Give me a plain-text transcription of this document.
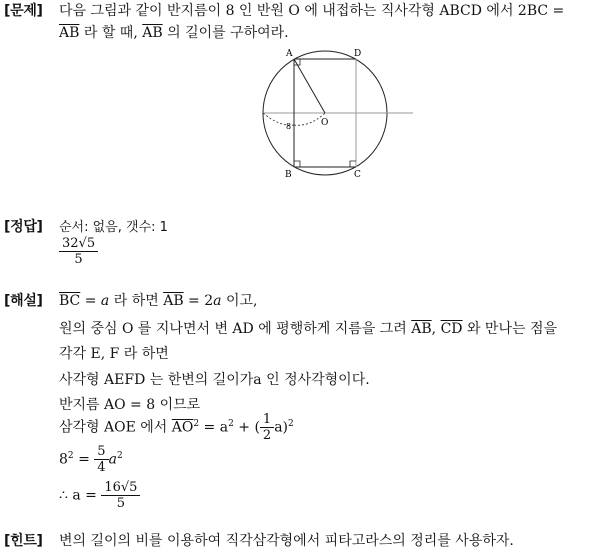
[문제] 다음 그림과 같이 반지름이 8 인 반원 O 에 내접하는 직사각형 ABCD 에서 2BC =
$\overline{AB}$ 라 할 때, $\overline{AB}$ 의 길이를 구하여라.
A	D
B	C
O
8
[정답] 순서: 없음, 갯수: 1
$\frac{32√5}{5}$
[해설] $\overline{BC} = a$ 라 하면 $\overline{AB} = 2a$ 이고,
원의 중심 O 를 지나면서 변 AD 에 평행하게 지름을 그려 $\overline{AB}$, $\overline{CD}$ 와 만나는 점을
각각 E, F 라 하면
사각형 AEFD 는 한변의 길이가a 인 정사각형이다.
반지름 AO = 8 이므로
삼각형 AOE 에서 $\overline{AO}^2 = a^2$ + ( $\frac{1}{2} a)^2$
$8^2 = \frac{5}{4} a^2$
∴ $a = \frac{16√5}{5}$
[힌트] 변의 길이의 비를 이용하여 직각삼각형에서 피타고라스의 정리를 사용하자.
